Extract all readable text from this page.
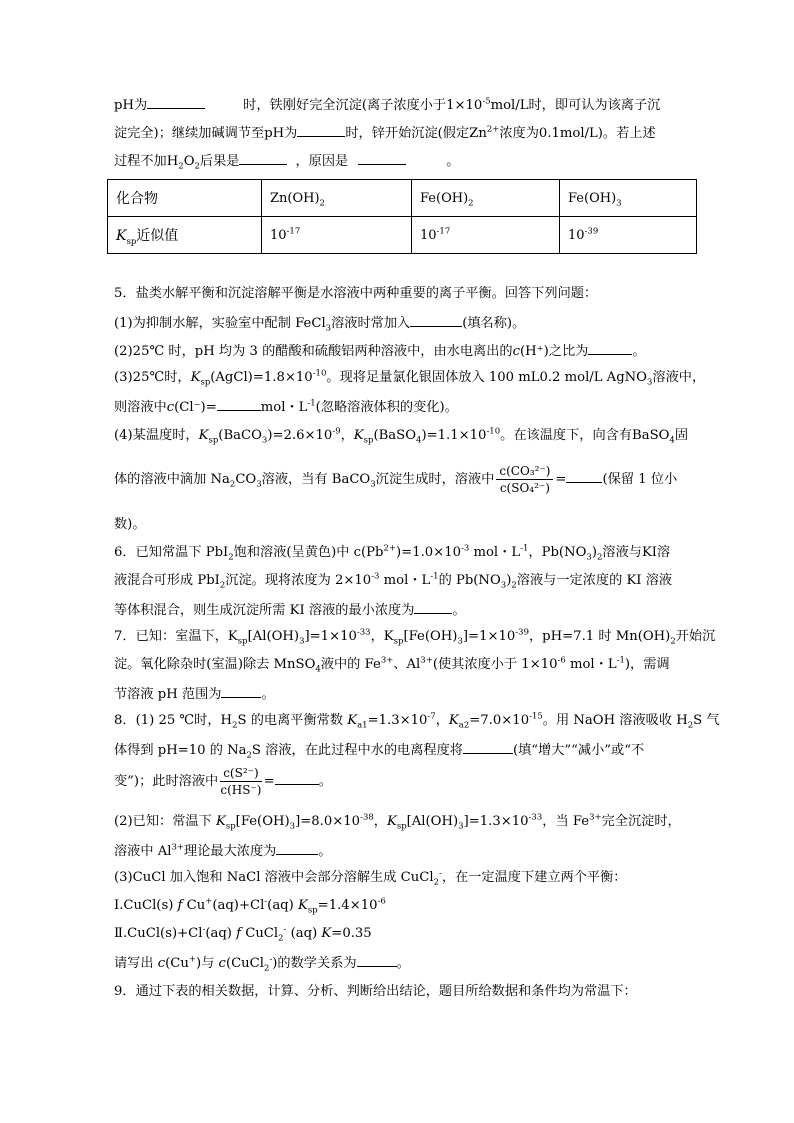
pH为	时，铁刚好完全沉淀(离子浓度小于$1\times 10^{-5}mol/L$时，即可认为该离子沉
淀完全)；继续加碱调节至pH为	时，锌开始沉淀(假定$Zn^{2+}$浓度为0.1mol/L)。若上述
过程不加$H_2O_2$后果是	，原因是	。
化合物	$Zn(OH)_2$	$Fe(OH)_2$	$Fe(OH)_3$
$K_{sp}$近似值	$10^{-17}$	$10^{-17}$	$10^{-39}$
5．盐类水解平衡和沉淀溶解平衡是水溶液中两种重要的离子平衡。回答下列问题：
(1)为抑制水解，实验室中配制 FeCl$_3$溶液时常加入	(填名称)。
(2)25℃ 时，pH 均为 3 的醋酸和硫酸铝两种溶液中，由水电离出的c(H⁺)之比为	。
(3)25℃时，$K_{sp}(AgCl)=1.8\times 10^{-10}$。现将足量氯化银固体放入 100 mL0.2 mol/L AgNO$_3$溶液中，
则溶液中c(Cl⁻)=	mol・$L^{-1}$(忽略溶液体积的变化)。
(4)某温度时，$K_{sp}(BaCO_3)=2.6\times 10^{-9}$，$K_{sp}(BaSO_4)=1.1\times 10^{-10}$。在该温度下，向含有BaSO$_4$固
体的溶液中滴加 $Na_2CO_3$溶液，当有 BaCO$_3$沉淀生成时，溶液中 $\frac{\text{c(CO₃²⁻)}}{\text{c(SO₄²⁻)}}$ =	(保留 1 位小
数)。
6．已知常温下 PbI$_2$饱和溶液(呈黄色)中 $c(Pb^{2+})=1.0\times 10^{-3}$ mol・$L^{-1}$，$Pb(NO_3)_2$溶液与KI溶
液混合可形成 PbI$_2$沉淀。现将浓度为 $2\times 10^{-3}$ mol・$L^{-1}$的 $Pb(NO_3)_2$溶液与一定浓度的 KI 溶液
等体积混合，则生成沉淀所需 KI 溶液的最小浓度为	。
7．已知：室温下，$K_{sp}[Al(OH)_3]=1\times 10^{-33}$，$K_{sp}[Fe(OH)_3]=1\times 10^{-39}$，pH=7.1 时 $Mn(OH)_2$开始沉
淀。氧化除杂时(室温)除去 MnSO$_4$液中的 $Fe^{3+}$、$Al^{3+}$(使其浓度小于 $1\times 10^{-6}$ mol・$L^{-1}$)，需调
节溶液 pH 范围为	。
8．(1) 25 ℃时，$H_2S$ 的电离平衡常数 $K_{a1}=1.3\times 10^{-7}$，$K_{a2}=7.0\times 10^{-15}$。用 NaOH 溶液吸收 $H_2S$ 气
体得到 pH=10 的 $Na_2S$ 溶液，在此过程中水的电离程度将	(填“增大”“减小”或“不
变”)；此时溶液中 $\frac{\text{c(S²⁻)}}{c(HS^-)}$ =	。
(2)已知：常温下 $K_{sp}[Fe(OH)_3]=8.0\times 10^{-38}$，$K_{sp}[Al(OH)_3]=1.3\times 10^{-33}$，当 $Fe^{3+}$完全沉淀时，
溶液中 $Al^{3+}$理论最大浓度为	。
(3)CuCl 加入饱和 NaCl 溶液中会部分溶解生成 CuCl$_2$-，在一定温度下建立两个平衡：
Ⅰ.CuCl(s) f Cu+(aq)+Cl-(aq) $K_{sp}=1.4\times 10^{-6}$
Ⅱ.CuCl(s)+Cl-(aq) f CuCl$_2$- (aq) K=0.35
请写出 c(Cu+)与 c(CuCl$_2$-)的数学关系为	。
9．通过下表的相关数据，计算、分析、判断给出结论，题目所给数据和条件均为常温下：
